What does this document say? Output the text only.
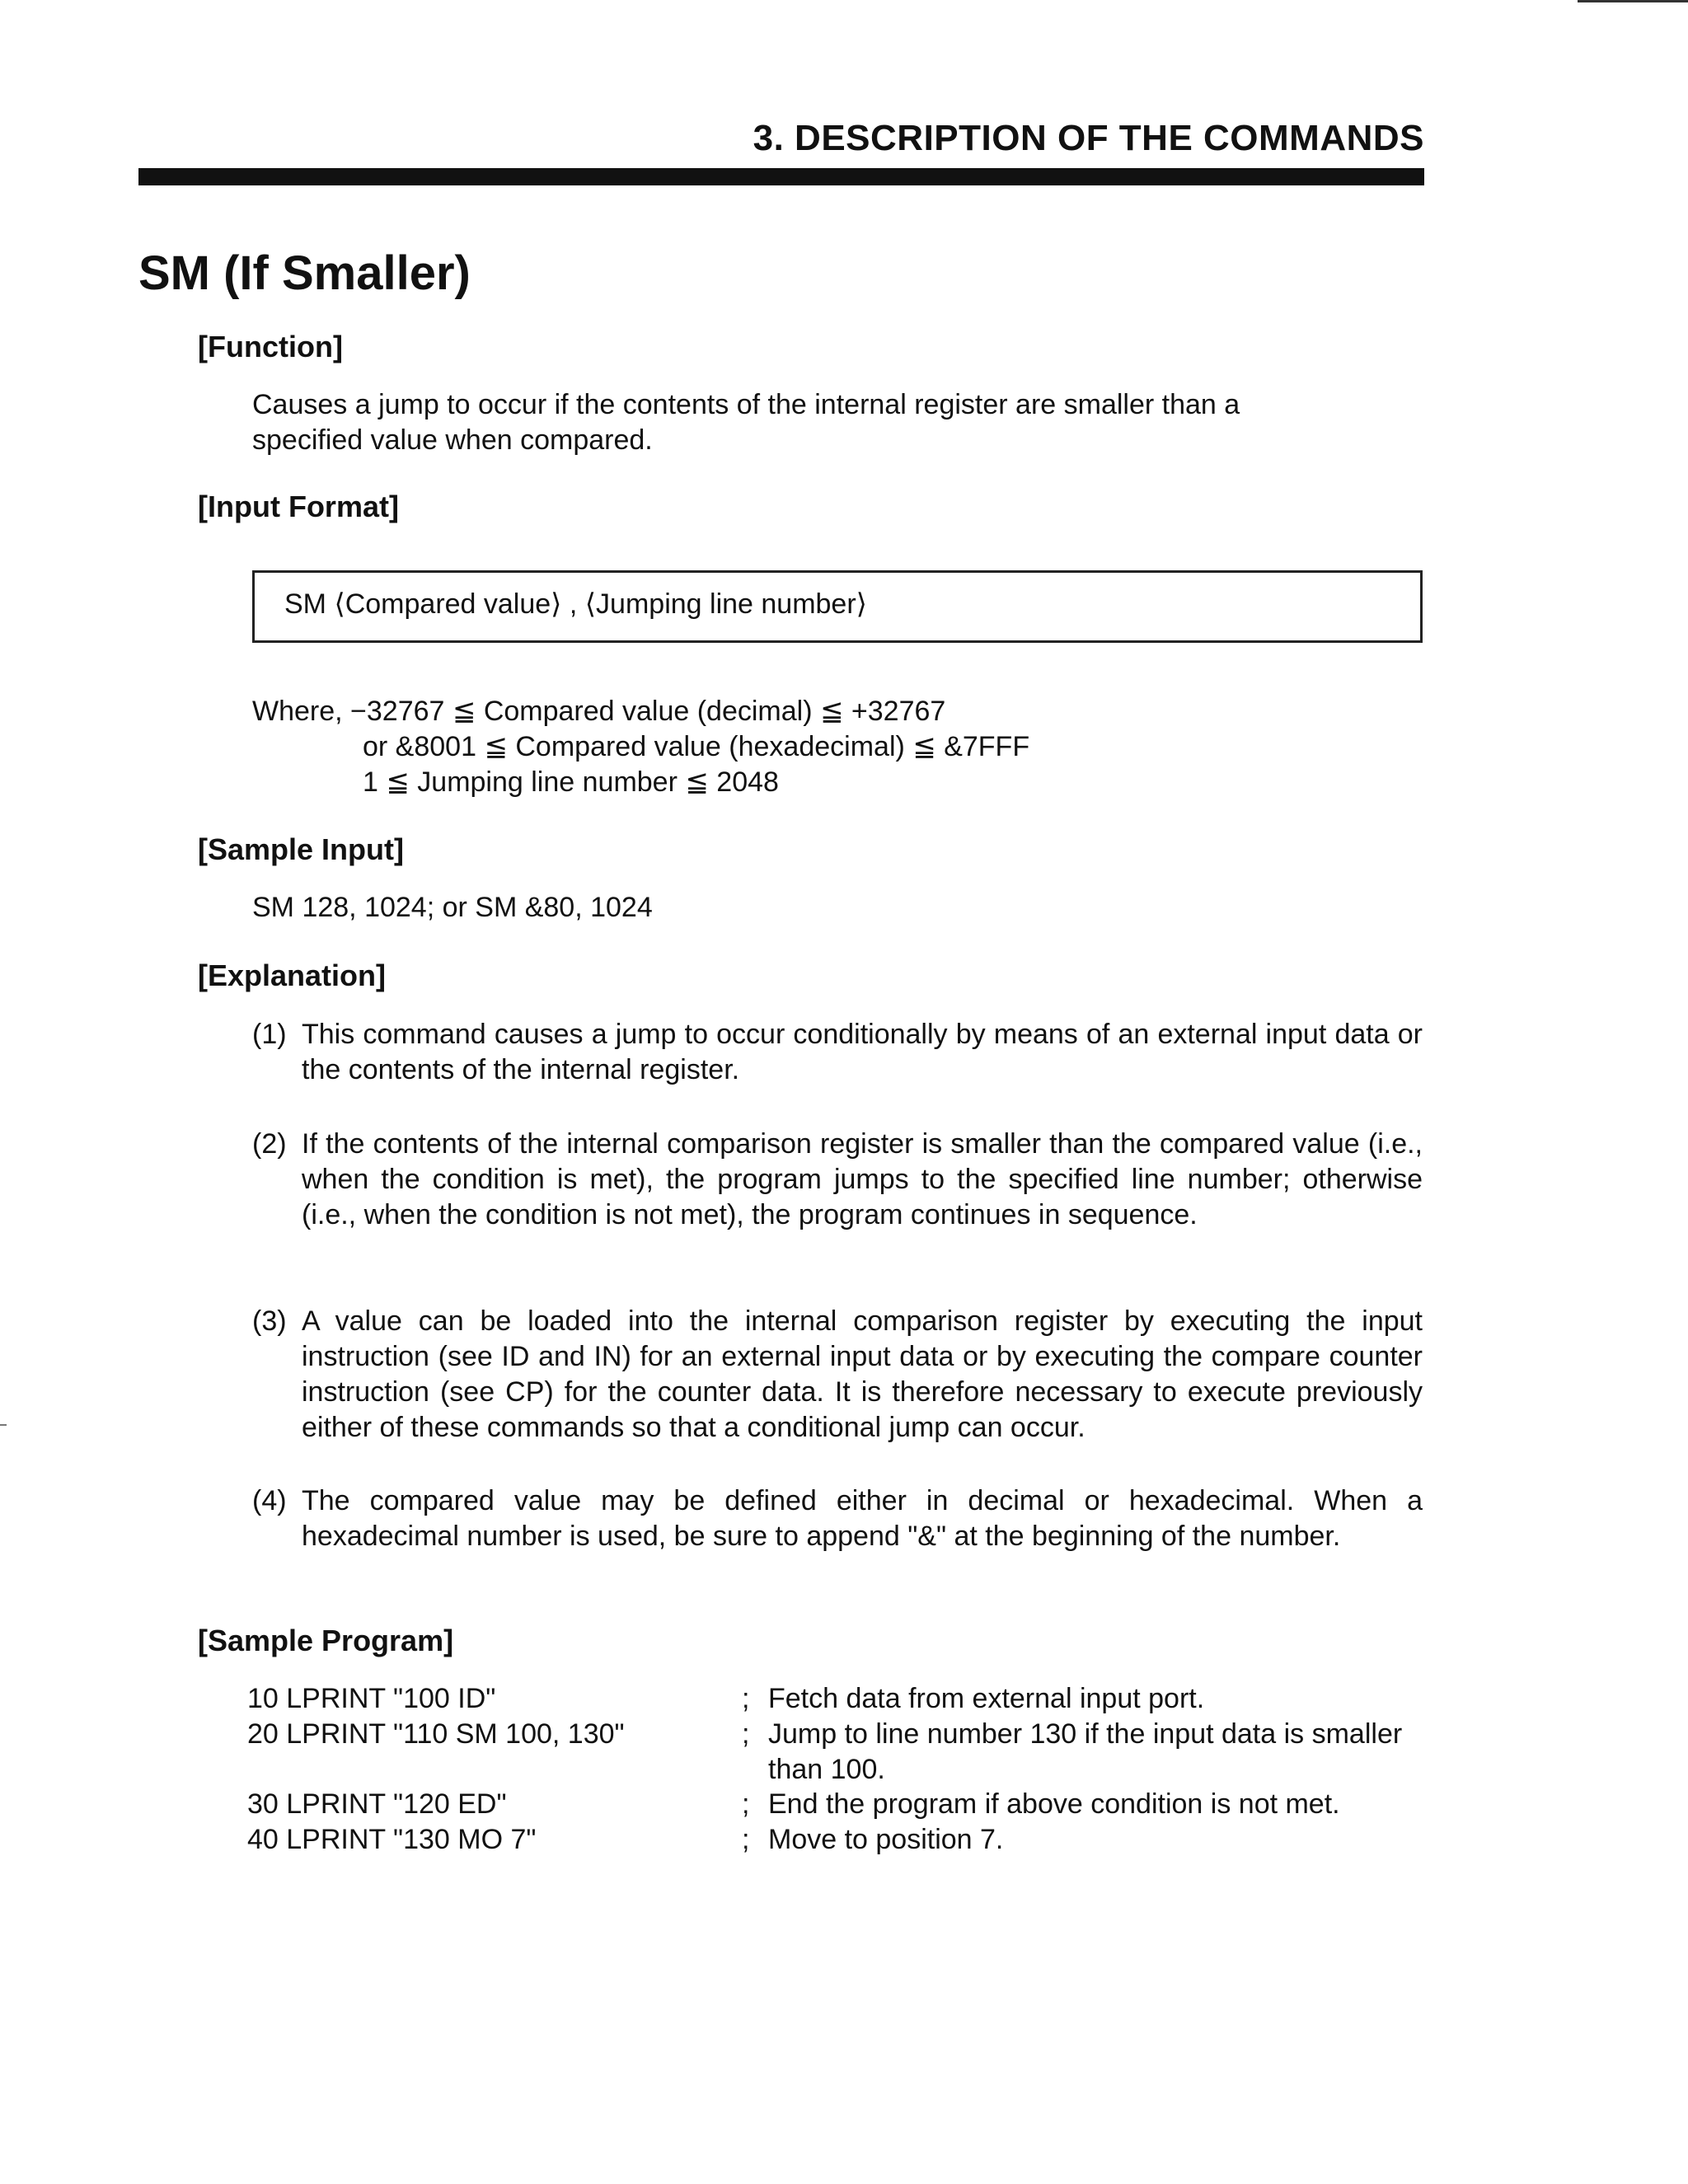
3. DESCRIPTION OF THE COMMANDS
SM (If Smaller)
[Function]
Causes a jump to occur if the contents of the internal register are smaller than a
specified value when compared.
[Input Format]
SM ⟨Compared value⟩ , ⟨Jumping line number⟩
Where, −32767 ≦ Compared value (decimal) ≦ +32767
or &8001 ≦ Compared value (hexadecimal) ≦ &7FFF
1 ≦ Jumping line number ≦ 2048
[Sample Input]
SM 128, 1024; or SM &80, 1024
[Explanation]
(1) This command causes a jump to occur conditionally by means of an external input data or the contents of the internal register.
(2) If the contents of the internal comparison register is smaller than the compared value (i.e., when the condition is met), the program jumps to the specified line number; otherwise (i.e., when the condition is not met), the program continues in sequence.
(3) A value can be loaded into the internal comparison register by executing the input instruction (see ID and IN) for an external input data or by executing the compare counter instruction (see CP) for the counter data. It is therefore necessary to execute previously either of these commands so that a conditional jump can occur.
(4) The compared value may be defined either in decimal or hexadecimal. When a hexadecimal number is used, be sure to append "&" at the beginning of the number.
[Sample Program]
10 LPRINT "100 ID"	; Fetch data from external input port.
20 LPRINT "110 SM 100, 130"	; Jump to line number 130 if the input data is smaller than 100.
30 LPRINT "120 ED"	; End the program if above condition is not met.
40 LPRINT "130 MO 7"	; Move to position 7.
